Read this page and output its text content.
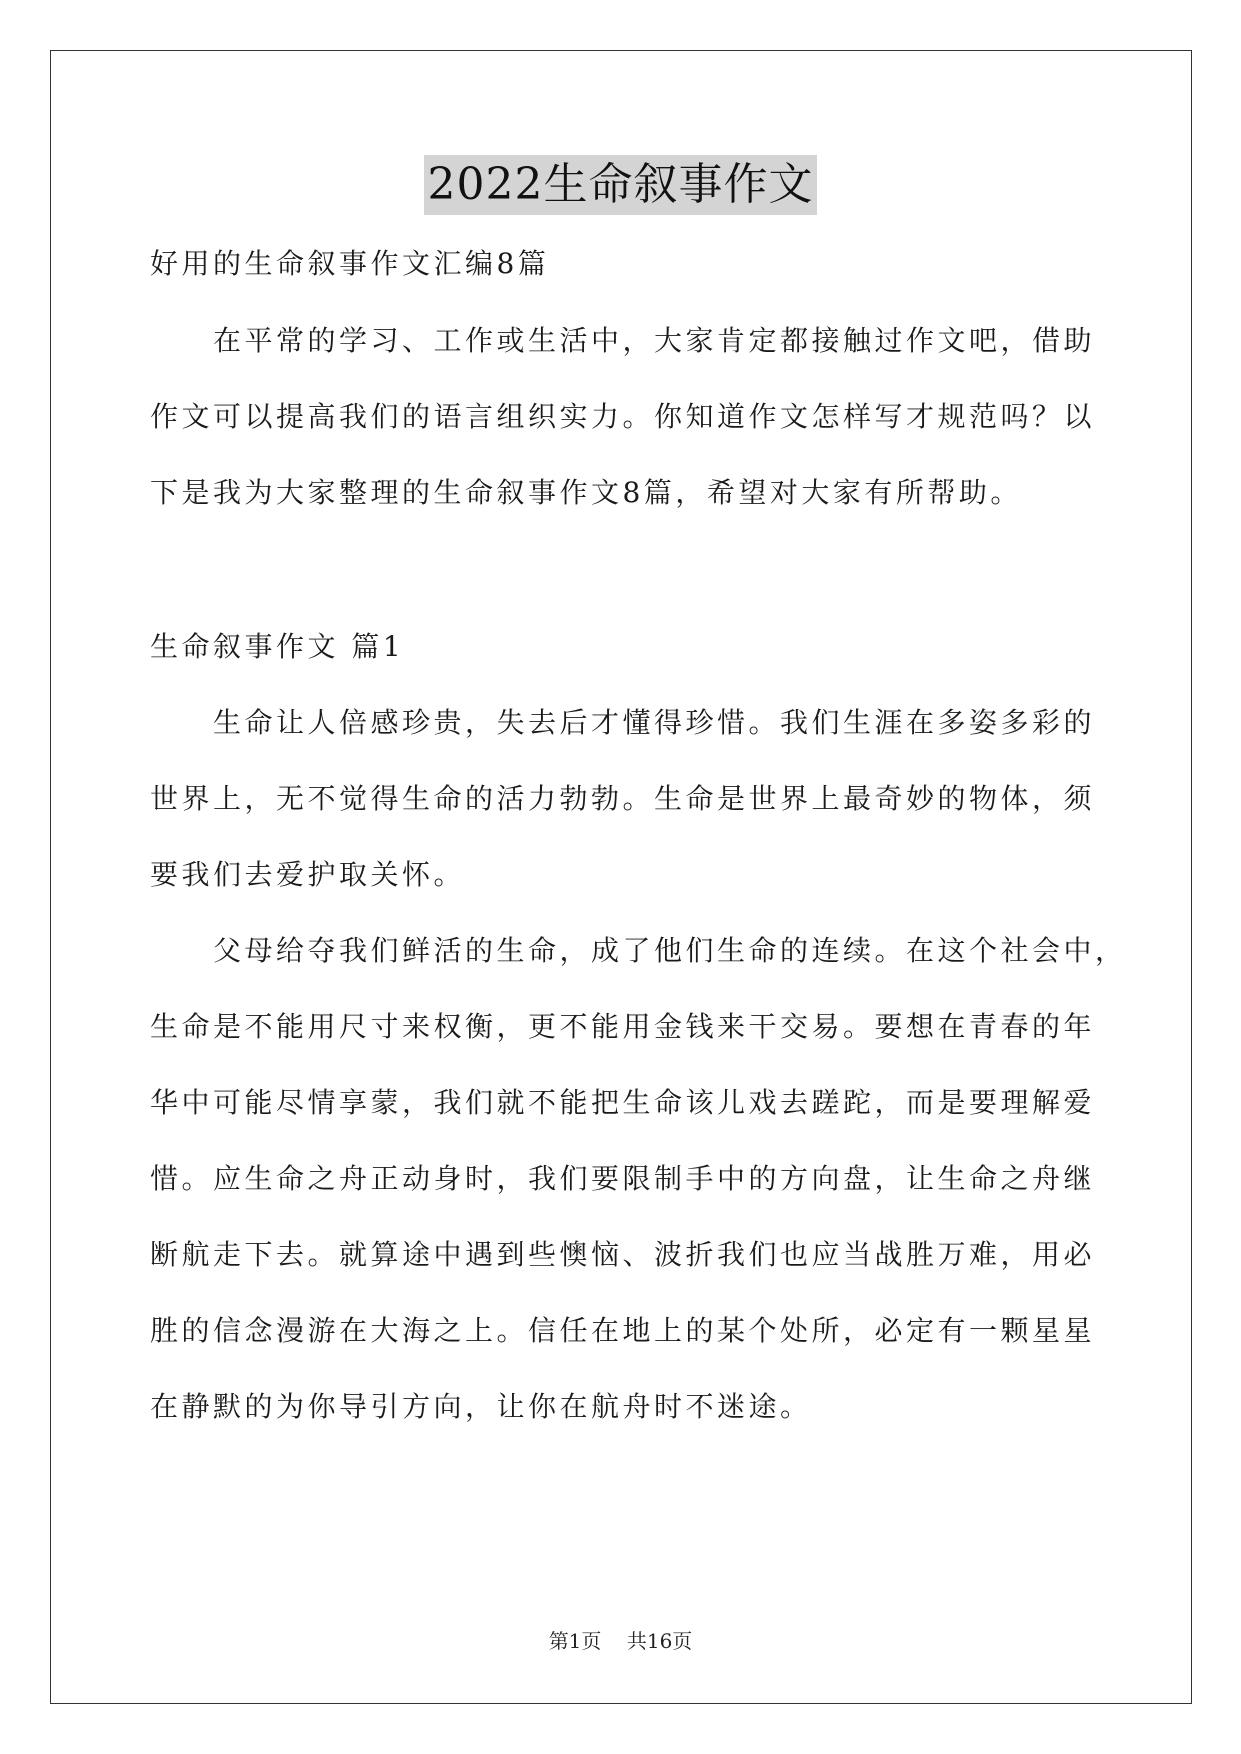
2022生命叙事作文
好用的生命叙事作文汇编8篇
在平常的学习、工作或生活中，大家肯定都接触过作文吧，借助
作文可以提高我们的语言组织实力。你知道作文怎样写才规范吗？以
下是我为大家整理的生命叙事作文8篇，希望对大家有所帮助。
生命叙事作文 篇1
生命让人倍感珍贵，失去后才懂得珍惜。我们生涯在多姿多彩的
世界上，无不觉得生命的活力勃勃。生命是世界上最奇妙的物体，须
要我们去爱护取关怀。
父母给夺我们鲜活的生命，成了他们生命的连续。在这个社会中，
生命是不能用尺寸来权衡，更不能用金钱来干交易。要想在青春的年
华中可能尽情享蒙，我们就不能把生命该儿戏去蹉跎，而是要理解爱
惜。应生命之舟正动身时，我们要限制手中的方向盘，让生命之舟继
断航走下去。就算途中遇到些懊恼、波折我们也应当战胜万难，用必
胜的信念漫游在大海之上。信任在地上的某个处所，必定有一颗星星
在静默的为你导引方向，让你在航舟时不迷途。
第1页    共16页
